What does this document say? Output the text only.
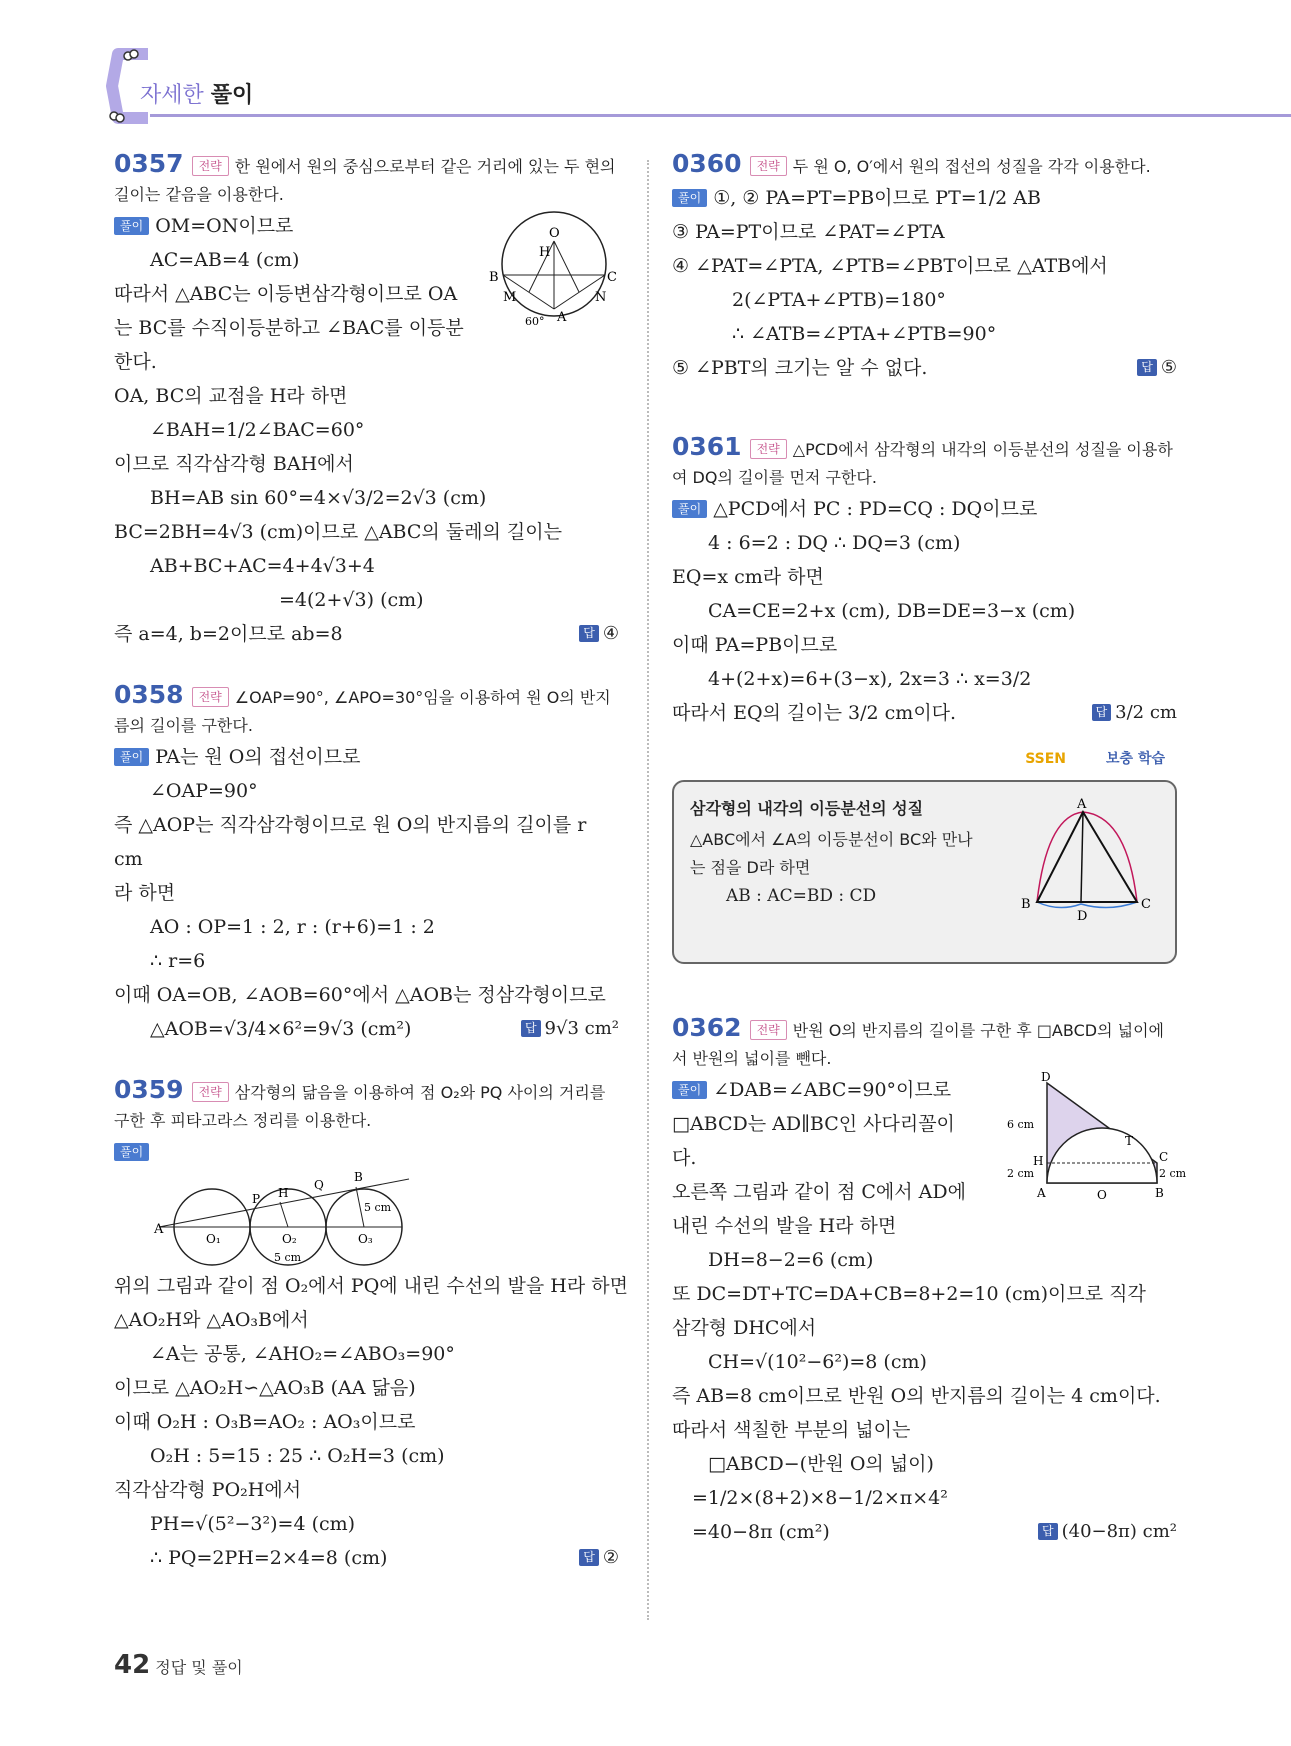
자세한 풀이
0357 전략 한 원에서 원의 중심으로부터 같은 거리에 있는 두 현의 길이는 같음을 이용한다.
O
H
B	C
M	N
A
60°
풀이 OM=ON이므로
AC=AB=4 (cm)
따라서 △ABC는 이등변삼각형이므로 OA
는 BC를 수직이등분하고 ∠BAC를 이등분
한다.
OA, BC의 교점을 H라 하면
∠BAH=1/2∠BAC=60°
이므로 직각삼각형 BAH에서
BH=AB sin 60°=4×√3/2=2√3 (cm)
BC=2BH=4√3 (cm)이므로 △ABC의 둘레의 길이는
AB+BC+AC=4+4√3+4
=4(2+√3) (cm)
즉 a=4, b=2이므로 ab=8	답 ④
0358 전략 ∠OAP=90°, ∠APO=30°임을 이용하여 원 O의 반지름의 길이를 구한다.
풀이 PA는 원 O의 접선이므로
∠OAP=90°
즉 △AOP는 직각삼각형이므로 원 O의 반지름의 길이를 r cm
라 하면
AO : OP=1 : 2, r : (r+6)=1 : 2
∴ r=6
이때 OA=OB, ∠AOB=60°에서 △AOB는 정삼각형이므로
△AOB=√3/4×6²=9√3 (cm²)	답 9√3 cm²
0359 전략 삼각형의 닮음을 이용하여 점 O₂와 PQ 사이의 거리를 구한 후 피타고라스 정리를 이용한다.
풀이
A
O₁	O₂	O₃
P H
Q
B
5 cm
5 cm
위의 그림과 같이 점 O₂에서 PQ에 내린 수선의 발을 H라 하면
△AO₂H와 △AO₃B에서
∠A는 공통, ∠AHO₂=∠ABO₃=90°
이므로 △AO₂H∽△AO₃B (AA 닮음)
이때 O₂H : O₃B=AO₂ : AO₃이므로
O₂H : 5=15 : 25 ∴ O₂H=3 (cm)
직각삼각형 PO₂H에서
PH=√(5²−3²)=4 (cm)
∴ PQ=2PH=2×4=8 (cm)	답 ②
0360 전략 두 원 O, O′에서 원의 접선의 성질을 각각 이용한다.
풀이 ①, ② PA=PT=PB이므로 PT=1/2 AB
③ PA=PT이므로 ∠PAT=∠PTA
④ ∠PAT=∠PTA, ∠PTB=∠PBT이므로 △ATB에서
2(∠PTA+∠PTB)=180°
∴ ∠ATB=∠PTA+∠PTB=90°
⑤ ∠PBT의 크기는 알 수 없다.	답 ⑤
0361 전략 △PCD에서 삼각형의 내각의 이등분선의 성질을 이용하여 DQ의 길이를 먼저 구한다.
풀이 △PCD에서 PC : PD=CQ : DQ이므로
4 : 6=2 : DQ ∴ DQ=3 (cm)
EQ=x cm라 하면
CA=CE=2+x (cm), DB=DE=3−x (cm)
이때 PA=PB이므로
4+(2+x)=6+(3−x), 2x=3 ∴ x=3/2
따라서 EQ의 길이는 3/2 cm이다.	답 3/2 cm
SSEN	보충 학습
A
B	C
D
삼각형의 내각의 이등분선의 성질
△ABC에서 ∠A의 이등분선이 BC와 만나
는 점을 D라 하면
AB : AC=BD : CD
0362 전략 반원 O의 반지름의 길이를 구한 후 □ABCD의 넓이에서 반원의 넓이를 뺀다.
D
T
C
H
A	O	B
6 cm
2 cm	2 cm
풀이 ∠DAB=∠ABC=90°이므로
□ABCD는 AD∥BC인 사다리꼴이
다.
오른쪽 그림과 같이 점 C에서 AD에
내린 수선의 발을 H라 하면
DH=8−2=6 (cm)
또 DC=DT+TC=DA+CB=8+2=10 (cm)이므로 직각
삼각형 DHC에서
CH=√(10²−6²)=8 (cm)
즉 AB=8 cm이므로 반원 O의 반지름의 길이는 4 cm이다.
따라서 색칠한 부분의 넓이는
□ABCD−(반원 O의 넓이)
=1/2×(8+2)×8−1/2×π×4²
=40−8π (cm²)	답 (40−8π) cm²
42 정답 및 풀이
